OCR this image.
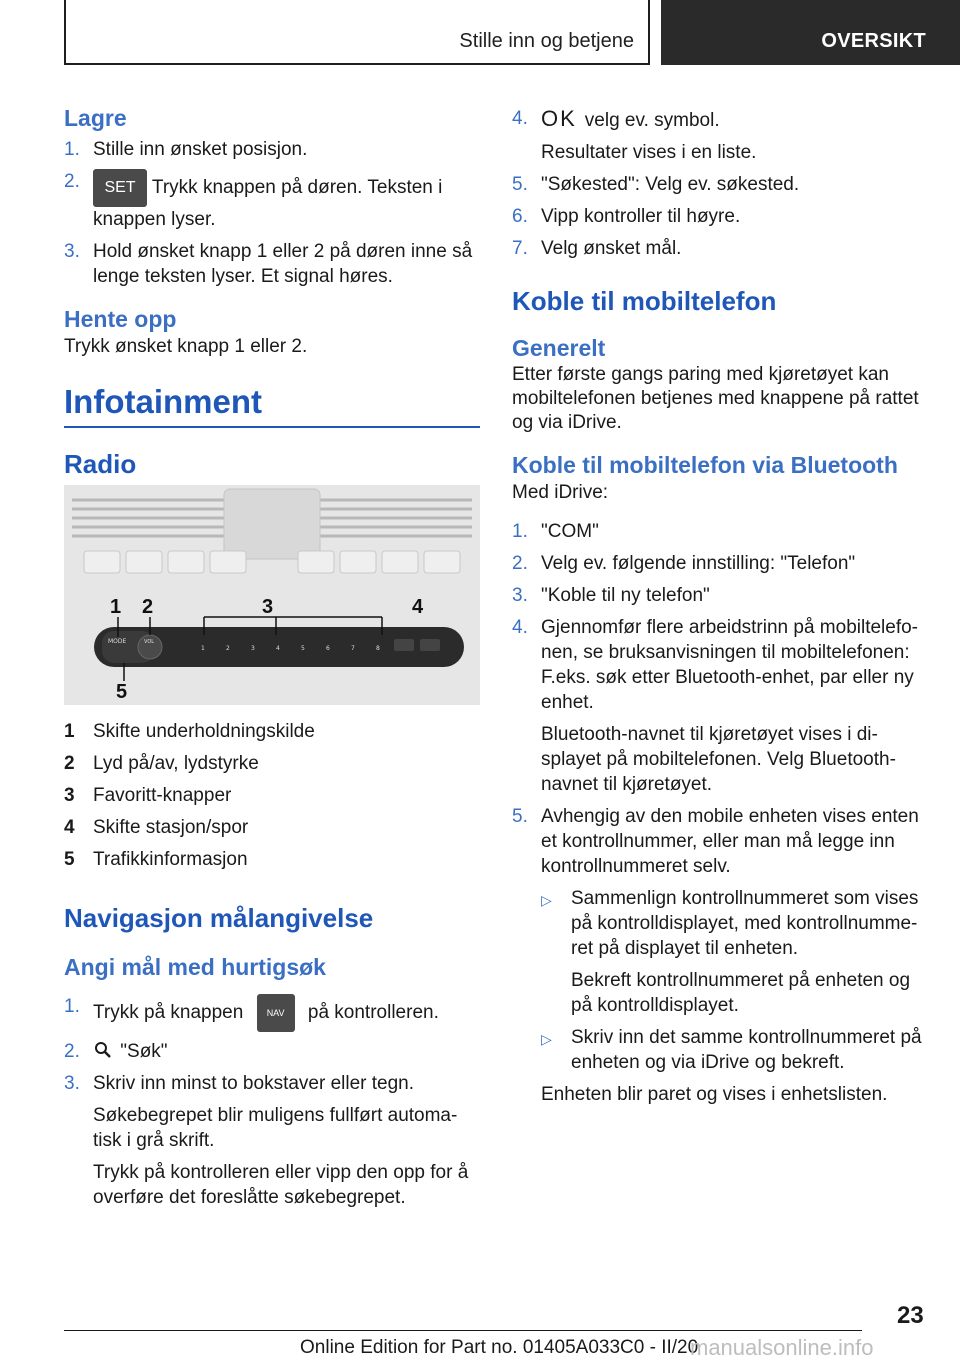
Stille inn og betjene	OVERSIKT
Lagre
1. Stille inn ønsket posisjon.
2.	SET Trykk knappen på døren. Teksten i knappen lyser.
3. Hold ønsket knapp 1 eller 2 på døren inne så lenge teksten lyser. Et signal høres.
Hente opp
Trykk ønsket knapp 1 eller 2.
Infotainment
Radio
MODE	VOL
1	2	3	4	5	6	7	8
1 2	3	4
5
1 Skifte underholdningskilde
2 Lyd på/av, lydstyrke
3 Favoritt-knapper
4 Skifte stasjon/spor
5 Trafikkinformasjon
Navigasjon målangivelse
Angi mål med hurtigsøk
1. Trykk på knappen	NAV på kontrolleren.
2.	"Søk"
3. Skriv inn minst to bokstaver eller tegn.
Søkebegrepet blir muligens fullført automa‐tisk i grå skrift.
Trykk på kontrolleren eller vipp den opp for å overføre det foreslåtte søkebegrepet.
4. OK velg ev. symbol.
Resultater vises i en liste.
5. "Søkested": Velg ev. søkested.
6. Vipp kontroller til høyre.
7. Velg ønsket mål.
Koble til mobiltelefon
Generelt
Etter første gangs paring med kjøretøyet kan mobiltelefonen betjenes med knappene på rattet og via iDrive.
Koble til mobiltelefon via Bluetooth
Med iDrive:
1. "COM"
2. Velg ev. følgende innstilling: "Telefon"
3. "Koble til ny telefon"
4. Gjennomfør flere arbeidstrinn på mobiltelefo‐nen, se bruksanvisningen til mobiltelefonen: F.eks. søk etter Bluetooth-enhet, par eller ny enhet.
Bluetooth-navnet til kjøretøyet vises i di‐splayet på mobiltelefonen. Velg Bluetooth-navnet til kjøretøyet.
5. Avhengig av den mobile enheten vises enten et kontrollnummer, eller man må legge inn kontrollnummeret selv.
▷	Sammenlign kontrollnummeret som vises på kontrolldisplayet, med kontrollnumme‐ret på displayet til enheten.
Bekreft kontrollnummeret på enheten og på kontrolldisplayet.
▷	Skriv inn det samme kontrollnummeret på enheten og via iDrive og bekreft.
Enheten blir paret og vises i enhetslisten.
23
Online Edition for Part no. 01405A033C0 - II/20
manualsonline.info
